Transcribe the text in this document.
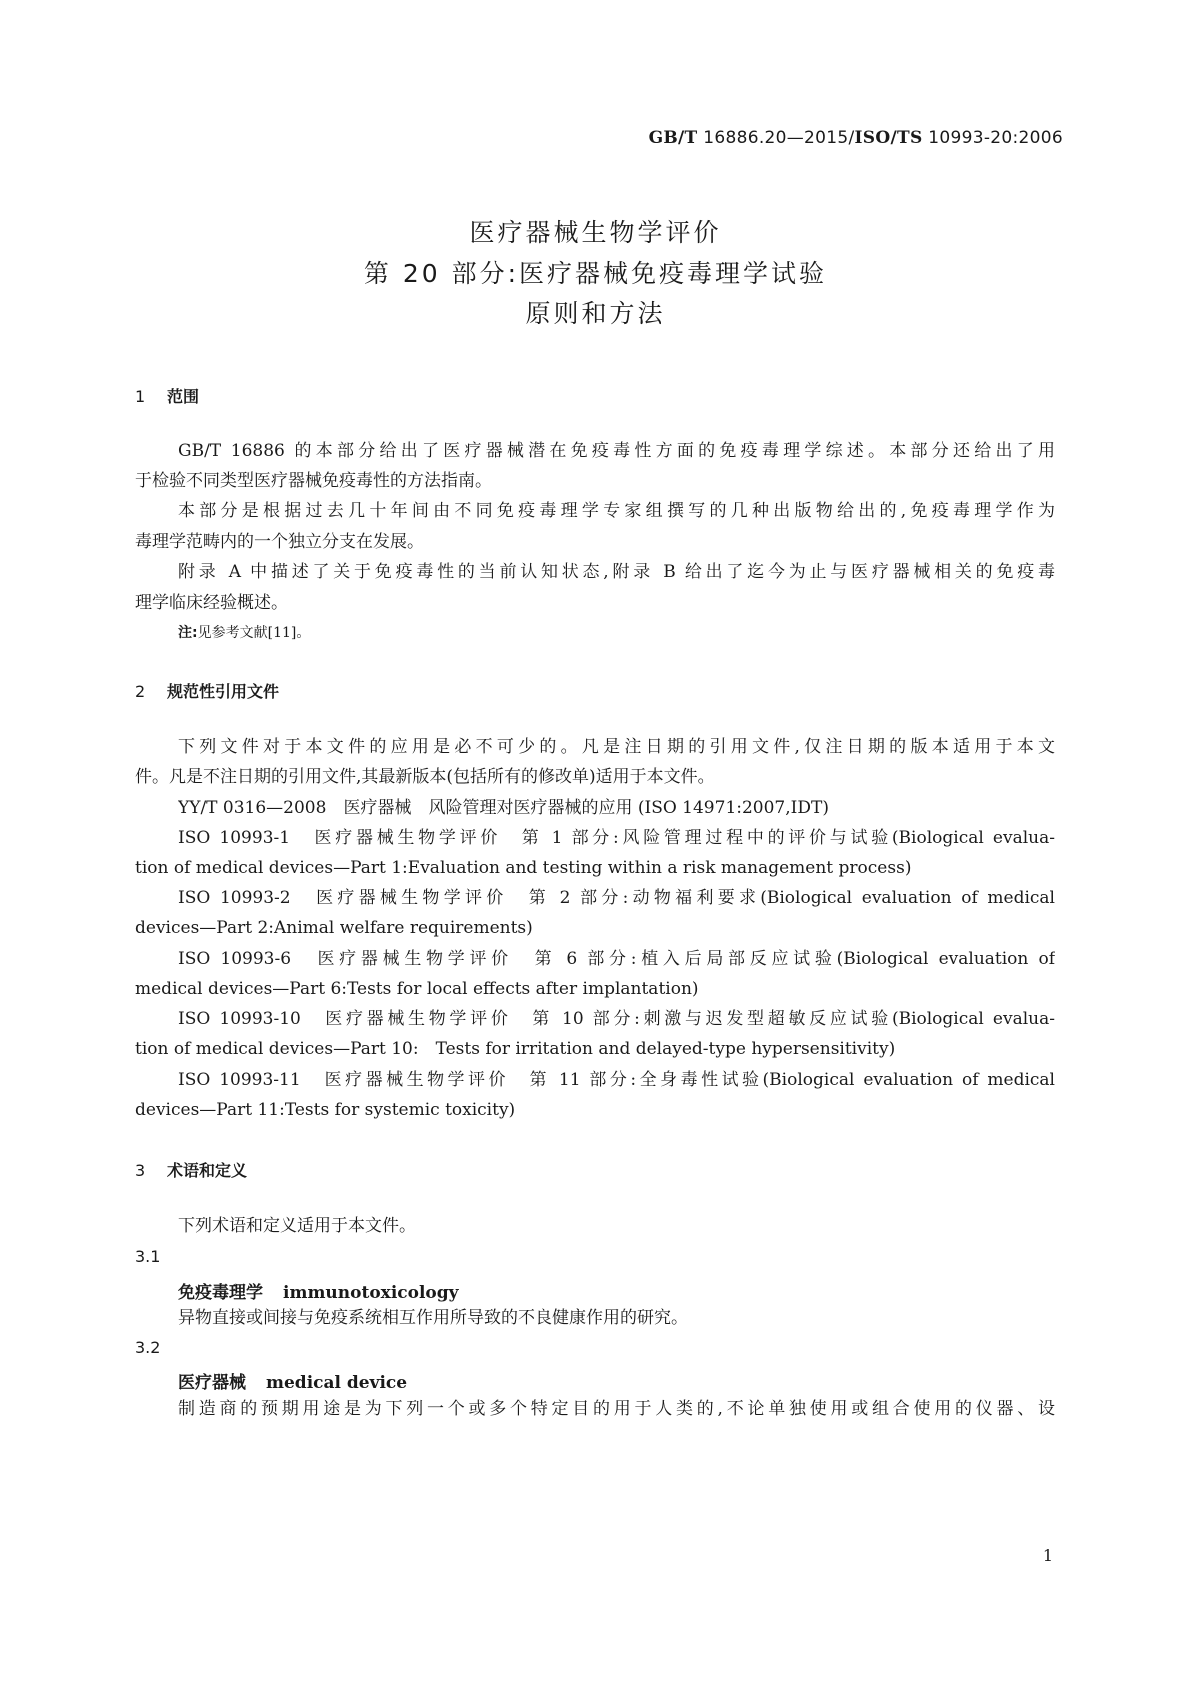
GB/T 16886.20—2015/ISO/TS 10993-20:2006
医疗器械生物学评价
第 20 部分:医疗器械免疫毒理学试验
原则和方法
1 范围
GB/T 16886 的本部分给出了医疗器械潜在免疫毒性方面的免疫毒理学综述。本部分还给出了用
于检验不同类型医疗器械免疫毒性的方法指南。
本部分是根据过去几十年间由不同免疫毒理学专家组撰写的几种出版物给出的,免疫毒理学作为
毒理学范畴内的一个独立分支在发展。
附录 A 中描述了关于免疫毒性的当前认知状态,附录 B 给出了迄今为止与医疗器械相关的免疫毒
理学临床经验概述。
注:见参考文献[11]。
2 规范性引用文件
下列文件对于本文件的应用是必不可少的。凡是注日期的引用文件,仅注日期的版本适用于本文
件。凡是不注日期的引用文件,其最新版本(包括所有的修改单)适用于本文件。
YY/T 0316—2008　医疗器械　风险管理对医疗器械的应用 (ISO 14971:2007,IDT)
ISO 10993-1　医疗器械生物学评价　第 1 部分:风险管理过程中的评价与试验(Biological evalua-
tion of medical devices—Part 1:Evaluation and testing within a risk management process)
ISO 10993-2　医疗器械生物学评价　第 2 部分:动物福利要求(Biological evaluation of medical
devices—Part 2:Animal welfare requirements)
ISO 10993-6　医疗器械生物学评价　第 6 部分:植入后局部反应试验(Biological evaluation of
medical devices—Part 6:Tests for local effects after implantation)
ISO 10993-10　医疗器械生物学评价　第 10 部分:刺激与迟发型超敏反应试验(Biological evalua-
tion of medical devices—Part 10:　Tests for irritation and delayed-type hypersensitivity)
ISO 10993-11　医疗器械生物学评价　第 11 部分:全身毒性试验(Biological evaluation of medical
devices—Part 11:Tests for systemic toxicity)
3 术语和定义
下列术语和定义适用于本文件。
3.1
免疫毒理学 immunotoxicology
异物直接或间接与免疫系统相互作用所导致的不良健康作用的研究。
3.2
医疗器械 medical device
制造商的预期用途是为下列一个或多个特定目的用于人类的,不论单独使用或组合使用的仪器、设
1
